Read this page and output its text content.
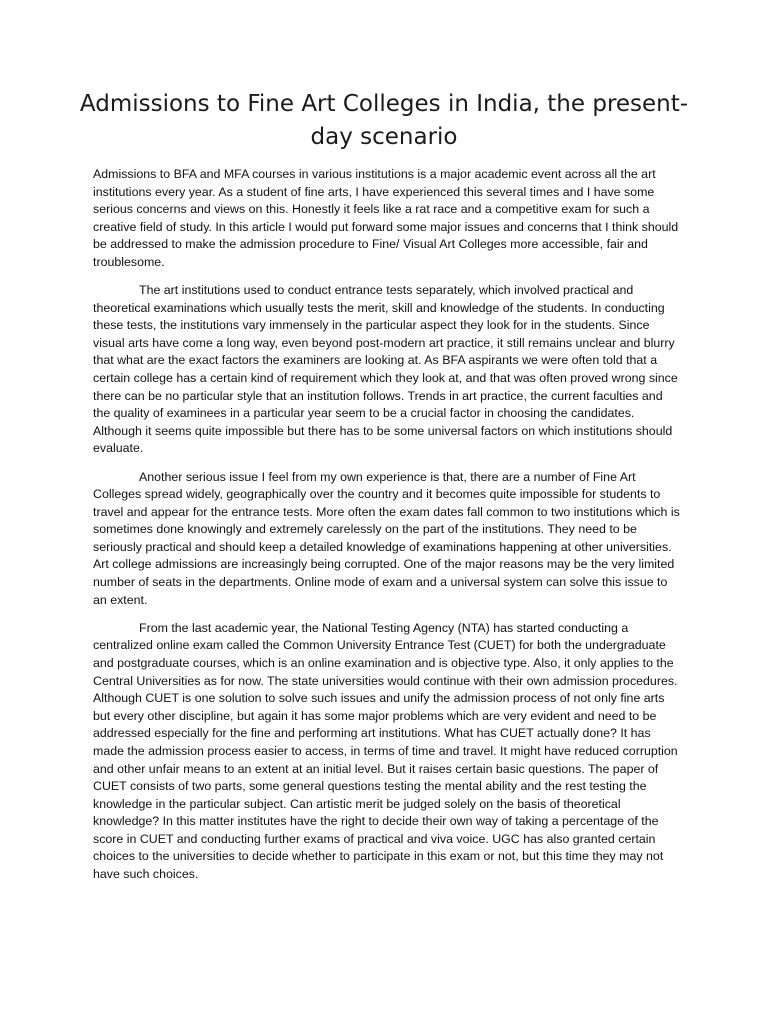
Admissions to Fine Art Colleges in India, the present-day scenario

Admissions to BFA and MFA courses in various institutions is a major academic event across all the art institutions every year. As a student of fine arts, I have experienced this several times and I have some serious concerns and views on this. Honestly it feels like a rat race and a competitive exam for such a creative field of study. In this article I would put forward some major issues and concerns that I think should be addressed to make the admission procedure to Fine/ Visual Art Colleges more accessible, fair and troublesome.

The art institutions used to conduct entrance tests separately, which involved practical and theoretical examinations which usually tests the merit, skill and knowledge of the students. In conducting these tests, the institutions vary immensely in the particular aspect they look for in the students. Since visual arts have come a long way, even beyond post-modern art practice, it still remains unclear and blurry that what are the exact factors the examiners are looking at. As BFA aspirants we were often told that a certain college has a certain kind of requirement which they look at, and that was often proved wrong since there can be no particular style that an institution follows. Trends in art practice, the current faculties and the quality of examinees in a particular year seem to be a crucial factor in choosing the candidates. Although it seems quite impossible but there has to be some universal factors on which institutions should evaluate.

Another serious issue I feel from my own experience is that, there are a number of Fine Art Colleges spread widely, geographically over the country and it becomes quite impossible for students to travel and appear for the entrance tests. More often the exam dates fall common to two institutions which is sometimes done knowingly and extremely carelessly on the part of the institutions. They need to be seriously practical and should keep a detailed knowledge of examinations happening at other universities. Art college admissions are increasingly being corrupted. One of the major reasons may be the very limited number of seats in the departments. Online mode of exam and a universal system can solve this issue to an extent.

From the last academic year, the National Testing Agency (NTA) has started conducting a centralized online exam called the Common University Entrance Test (CUET) for both the undergraduate and postgraduate courses, which is an online examination and is objective type. Also, it only applies to the Central Universities as for now. The state universities would continue with their own admission procedures. Although CUET is one solution to solve such issues and unify the admission process of not only fine arts but every other discipline, but again it has some major problems which are very evident and need to be addressed especially for the fine and performing art institutions. What has CUET actually done? It has made the admission process easier to access, in terms of time and travel. It might have reduced corruption and other unfair means to an extent at an initial level. But it raises certain basic questions. The paper of CUET consists of two parts, some general questions testing the mental ability and the rest testing the knowledge in the particular subject. Can artistic merit be judged solely on the basis of theoretical knowledge? In this matter institutes have the right to decide their own way of taking a percentage of the score in CUET and conducting further exams of practical and viva voice. UGC has also granted certain choices to the universities to decide whether to participate in this exam or not, but this time they may not have such choices.
